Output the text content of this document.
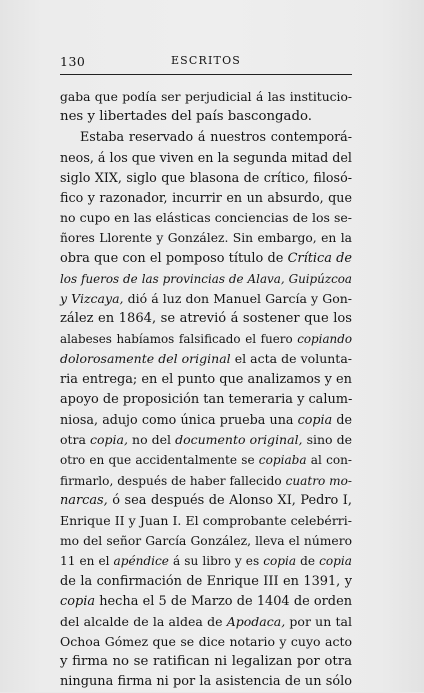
130	ESCRITOS
gaba que podía ser perjudicial á las institucio-
nes y libertades del país bascongado.
Estaba reservado á nuestros contemporá-
neos, á los que viven en la segunda mitad del
siglo XIX, siglo que blasona de crítico, filosó-
fico y razonador, incurrir en un absurdo, que
no cupo en las elásticas conciencias de los se-
ñores Llorente y González. Sin embargo, en la
obra que con el pomposo título de Crítica de
los fueros de las provincias de Alava, Guipúzcoa
y Vizcaya, dió á luz don Manuel García y Gon-
zález en 1864, se atrevió á sostener que los
alabeses habíamos falsificado el fuero copiando
dolorosamente del original el acta de volunta-
ria entrega; en el punto que analizamos y en
apoyo de proposición tan temeraria y calum-
niosa, adujo como única prueba una copia de
otra copia, no del documento original, sino de
otro en que accidentalmente se copiaba al con-
firmarlo, después de haber fallecido cuatro mo-
narcas, ó sea después de Alonso XI, Pedro I,
Enrique II y Juan I. El comprobante celebérri-
mo del señor García González, lleva el número
11 en el apéndice á su libro y es copia de copia
de la confirmación de Enrique III en 1391, y
copia hecha el 5 de Marzo de 1404 de orden
del alcalde de la aldea de Apodaca, por un tal
Ochoa Gómez que se dice notario y cuyo acto
y firma no se ratifican ni legalizan por otra
ninguna firma ni por la asistencia de un sólo
